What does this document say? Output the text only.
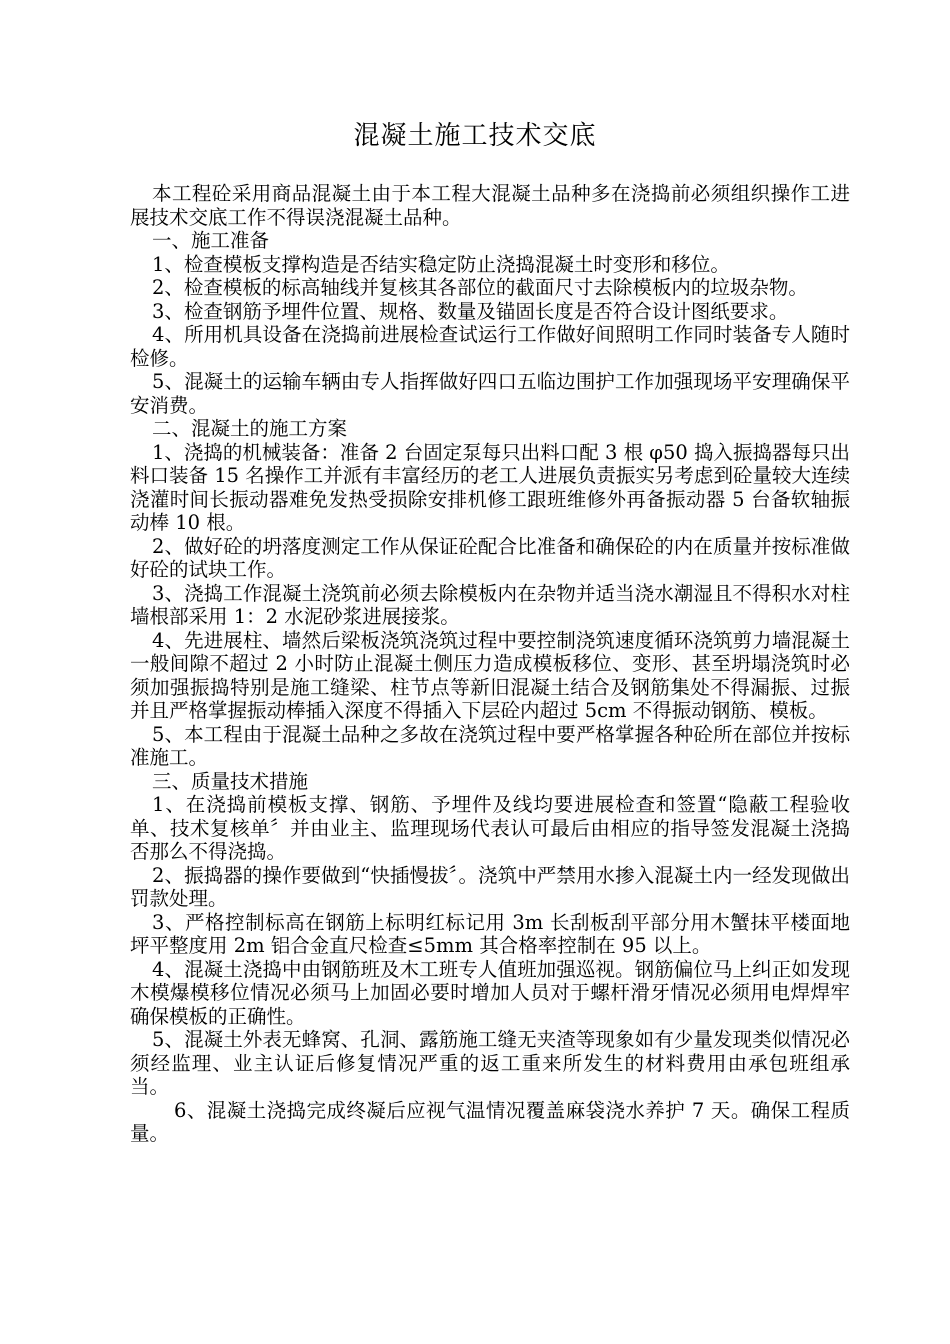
混凝土施工技术交底

本工程砼采用商品混凝土由于本工程大混凝土品种多在浇捣前必须组织操作工进展技术交底工作不得误浇混凝土品种。

一、施工准备

1、检查模板支撑构造是否结实稳定防止浇捣混凝土时变形和移位。

2、检查模板的标高轴线并复核其各部位的截面尺寸去除模板内的垃圾杂物。

3、检查钢筋予埋件位置、规格、数量及锚固长度是否符合设计图纸要求。

4、所用机具设备在浇捣前进展检查试运行工作做好间照明工作同时装备专人随时检修。

5、混凝土的运输车辆由专人指挥做好四口五临边围护工作加强现场平安理确保平安消费。

二、混凝土的施工方案

1、浇捣的机械装备：准备 2 台固定泵每只出料口配 3 根 φ50 捣入振捣器每只出料口装备 15 名操作工并派有丰富经历的老工人进展负责振实另考虑到砼量较大连续浇灌时间长振动器难免发热受损除安排机修工跟班维修外再备振动器 5 台备软轴振动棒 10 根。

2、做好砼的坍落度测定工作从保证砼配合比准备和确保砼的内在质量并按标准做好砼的试块工作。

3、浇捣工作混凝土浇筑前必须去除模板内在杂物并适当浇水潮湿且不得积水对柱墙根部采用 1：2 水泥砂浆进展接浆。

4、先进展柱、墙然后梁板浇筑浇筑过程中要控制浇筑速度循环浇筑剪力墙混凝土一般间隙不超过 2 小时防止混凝土侧压力造成模板移位、变形、甚至坍塌浇筑时必须加强振捣特别是施工缝梁、柱节点等新旧混凝土结合及钢筋集处不得漏振、过振并且严格掌握振动棒插入深度不得插入下层砼内超过 5cm 不得振动钢筋、模板。

5、本工程由于混凝土品种之多故在浇筑过程中要严格掌握各种砼所在部位并按标准施工。

三、质量技术措施

1、在浇捣前模板支撑、钢筋、予埋件及线均要进展检查和签置“隐蔽工程验收单、技术复核单〞并由业主、监理现场代表认可最后由相应的指导签发混凝土浇捣否那么不得浇捣。

2、振捣器的操作要做到“快插慢拔〞。浇筑中严禁用水掺入混凝土内一经发现做出罚款处理。

3、严格控制标高在钢筋上标明红标记用 3m 长刮板刮平部分用木蟹抹平楼面地坪平整度用 2m 铝合金直尺检查≤5mm 其合格率控制在 95 以上。

4、混凝土浇捣中由钢筋班及木工班专人值班加强巡视。钢筋偏位马上纠正如发现木模爆模移位情况必须马上加固必要时增加人员对于螺杆滑牙情况必须用电焊焊牢确保模板的正确性。

5、混凝土外表无蜂窝、孔洞、露筋施工缝无夹渣等现象如有少量发现类似情况必须经监理、业主认证后修复情况严重的返工重来所发生的材料费用由承包班组承当。

6、混凝土浇捣完成终凝后应视气温情况覆盖麻袋浇水养护 7 天。确保工程质量。
